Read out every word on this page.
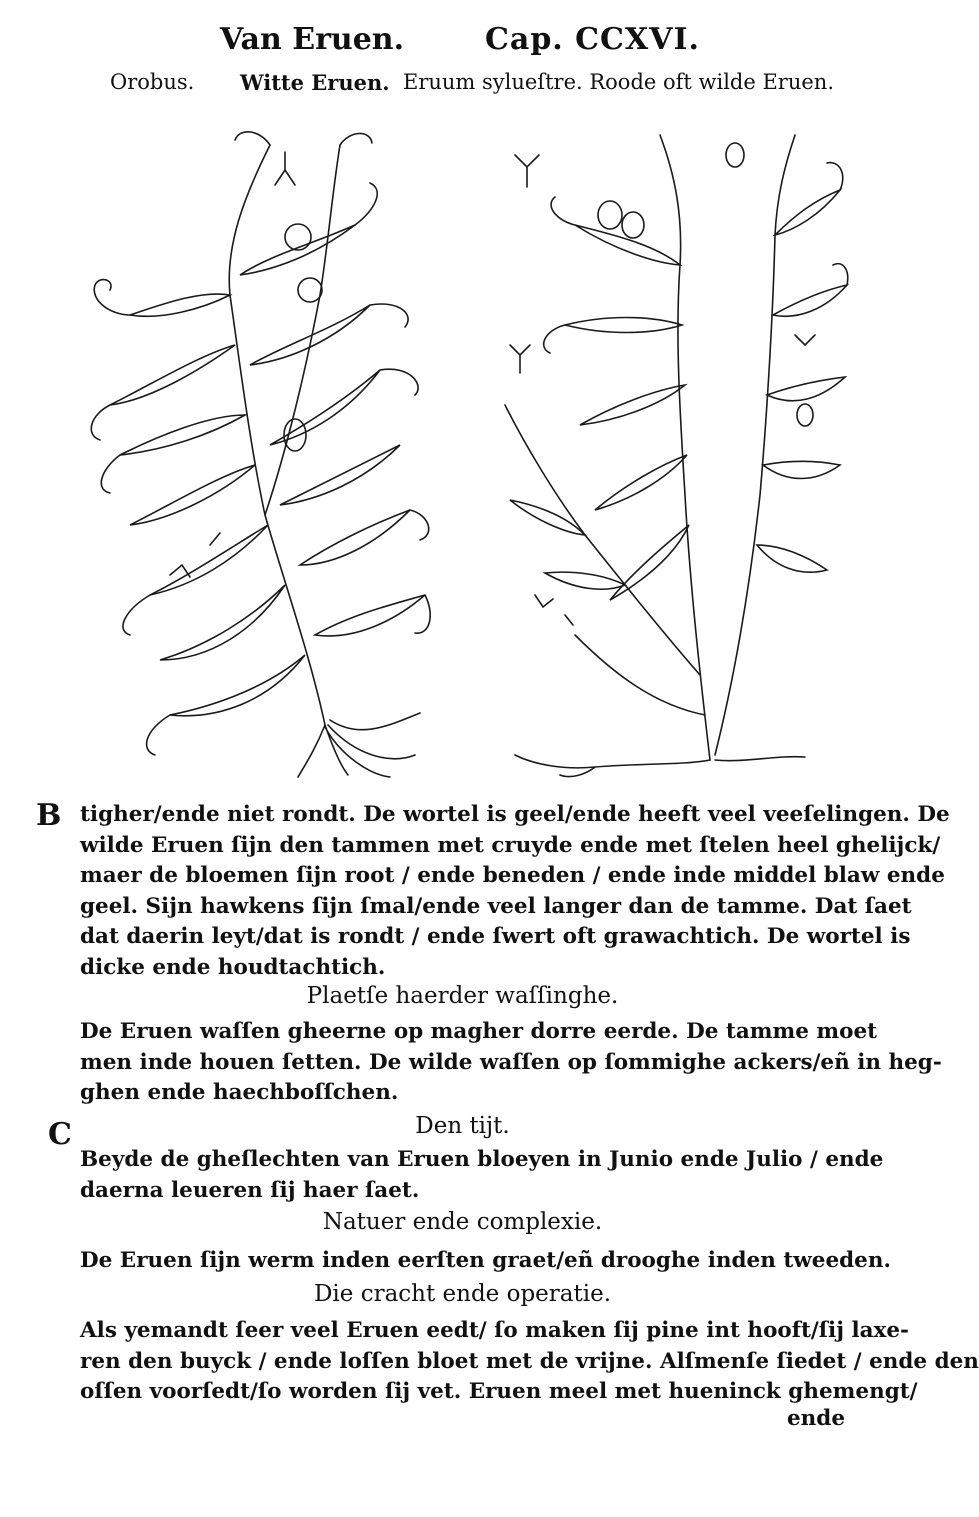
Van Eruen.	Cap. CCXVI.
Orobus. Witte Eruen. Eruum sylueſtre. Roode oft wilde Eruen.
B tigher/ende niet rondt. De wortel is geel/ende heeft veel veeſelingen. De
wilde Eruen ſijn den tammen met cruyde ende met ſtelen heel ghelijck/
maer de bloemen ſijn root / ende beneden / ende inde middel blaw ende
geel. Sijn hawkens ſijn ſmal/ende veel langer dan de tamme. Dat ſaet
dat daerin leyt/dat is rondt / ende ſwert oft grawachtich. De wortel is
dicke ende houdtachtich.
Plaetſe haerder waſſinghe.
De Eruen waſſen gheerne op magher dorre eerde. De tamme moet
men inde houen ſetten. De wilde waſſen op ſommighe ackers/eñ in heg-
ghen ende haechboſſchen.
C	Den tijt.
Beyde de gheſlechten van Eruen bloeyen in Junio ende Julio / ende
daerna leueren ſij haer ſaet.
Natuer ende complexie.
De Eruen ſijn werm inden eerſten graet/eñ drooghe inden tweeden.
Die cracht ende operatie.
Als yemandt ſeer veel Eruen eedt/ ſo maken ſij pine int hooft/ſij laxe-
ren den buyck / ende loſſen bloet met de vrijne. Alſmenſe ſiedet / ende den
oſſen voorſedt/ſo worden ſij vet. Eruen meel met hueninck ghemengt/
ende
